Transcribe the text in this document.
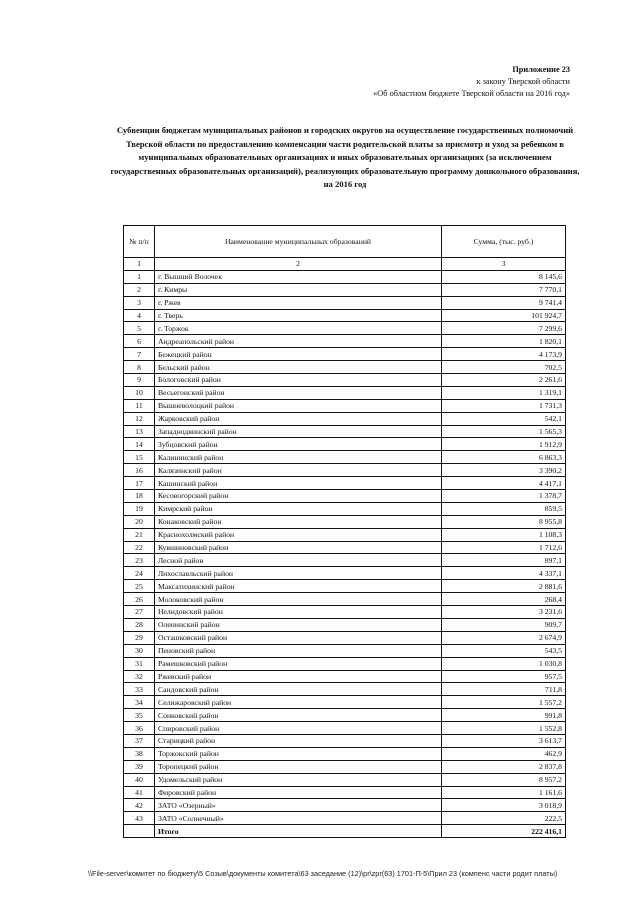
Приложение 23
к закону Тверской области
«Об областном бюджете Тверской области на 2016 год»
Субвенции бюджетам муниципальных районов и городских округов на осуществление государственных полномочий Тверской области по предоставлению компенсации части родительской платы за присмотр и уход за ребенком в муниципальных образовательных организациях и иных образовательных организациях (за исключением государственных образовательных организаций), реализующих образовательную программу дошкольного образования, на 2016 год
№ п/п	Наименование муниципальных образований	Сумма, (тыс. руб.)
1	2	3
1	г. Вышний Волочек	8 145,6
2	г. Кимры	7 770,1
3	г. Ржев	9 741,4
4	г. Тверь	101 924,7
5	г. Торжок	7 299,6
6	Андреапольский район	1 820,1
7	Бежецкий район	4 173,9
8	Бельский район	702,5
9	Бологовский район	2 261,6
10	Весьегонский район	1 319,1
11	Вышневолоцкий район	1 731,3
12	Жарковский район	542,1
13	Западнодвинский район	1 565,3
14	Зубцовский район	1 912,9
15	Калининский район	6 863,3
16	Калязинский район	3 390,2
17	Кашинский район	4 417,1
18	Кесовогорский район	1 378,7
19	Кимрский район	859,5
20	Конаковский район	8 955,8
21	Краснохолмский район	1 108,3
22	Кувшиновский район	1 712,6
23	Лесной район	897,1
24	Лихославльский район	4 337,1
25	Максатихинский район	2 881,6
26	Молоковский район	268,4
27	Нелидовский район	3 231,6
28	Оленинский район	909,7
29	Осташковский район	2 674,9
30	Пеновский район	543,5
31	Рамешковский район	1 030,8
32	Ржевский район	957,5
33	Сандовский район	711,8
34	Селижаровский район	1 557,2
35	Сонковский район	991,8
36	Спировский район	1 552,8
37	Старицкий район	3 613,7
38	Торжокский район	462,9
39	Торопецкий район	2 837,8
40	Удомельский район	8 957,2
41	Фировский район	1 161,6
42	ЗАТО «Озерный»	3 018,9
43	ЗАТО «Солнечный»	222,5
	Итого	222 416,1
\\File-server\комитет по бюджету\5 Созыв\документы комитета\63 заседание (12)\pr\zpr(63) 1701-П-5\Прил 23 (компенс части родит платы)
